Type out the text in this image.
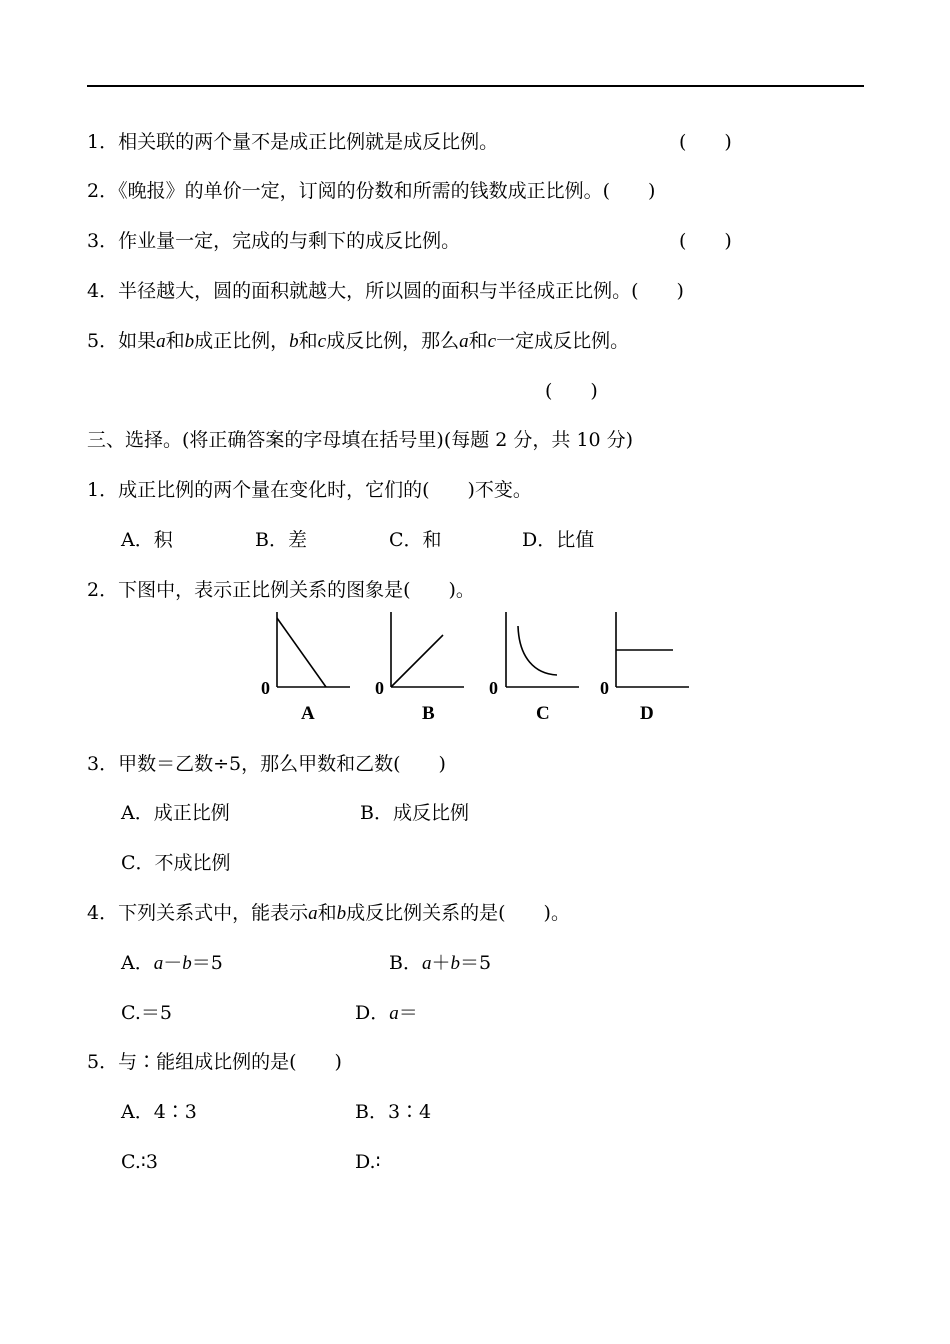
1．相关联的两个量不是成正比例就是成反比例。	(  )
2．《晚报》的单价一定，订阅的份数和所需的钱数成正比例。(  )
3．作业量一定，完成的与剩下的成反比例。	(  )
4．半径越大，圆的面积就越大，所以圆的面积与半径成正比例。(  )
5．如果a和b成正比例，b和c成反比例，那么a和c一定成反比例。
(  )
三、选择。(将正确答案的字母填在括号里)(每题 2 分，共 10 分)
1．成正比例的两个量在变化时，它们的(  )不变。
A．积	B．差	C．和	D．比值
2．下图中，表示正比例关系的图象是(  )。
0
A
0
B
0
C
0
D
3．甲数＝乙数÷5，那么甲数和乙数(  )
A．成正比例	B．成反比例
C．不成比例
4．下列关系式中，能表示a和b成反比例关系的是(  )。
A．a－b＝5	B．a＋b＝5
C.＝5	D．a＝
5．与∶能组成比例的是(  )
A．4∶3	B．3∶4
C.∶3	D.∶
